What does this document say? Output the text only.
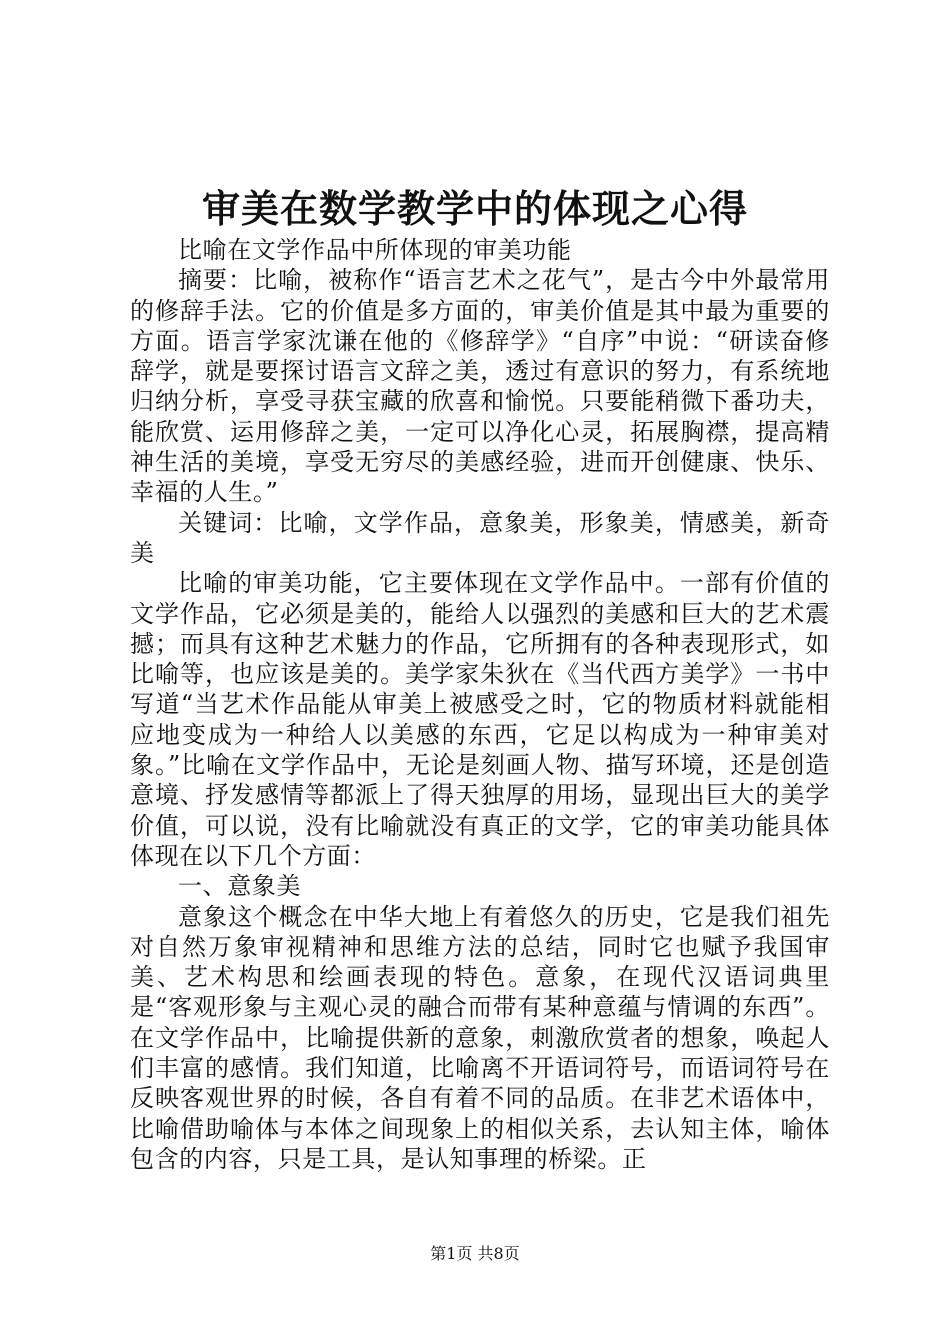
审美在数学教学中的体现之心得

比喻在文学作品中所体现的审美功能

摘要：比喻，被称作“语言艺术之花气”，是古今中外最常用的修辞手法。它的价值是多方面的，审美价值是其中最为重要的方面。语言学家沈谦在他的《修辞学》“自序”中说：“研读奋修辞学，就是要探讨语言文辞之美，透过有意识的努力，有系统地归纳分析，享受寻获宝藏的欣喜和愉悦。只要能稍微下番功夫，能欣赏、运用修辞之美，一定可以净化心灵，拓展胸襟，提高精神生活的美境，享受无穷尽的美感经验，进而开创健康、快乐、幸福的人生。”

关键词：比喻，文学作品，意象美，形象美，情感美，新奇美

比喻的审美功能，它主要体现在文学作品中。一部有价值的文学作品，它必须是美的，能给人以强烈的美感和巨大的艺术震撼；而具有这种艺术魅力的作品，它所拥有的各种表现形式，如比喻等，也应该是美的。美学家朱狄在《当代西方美学》一书中写道“当艺术作品能从审美上被感受之时，它的物质材料就能相应地变成为一种给人以美感的东西，它足以构成为一种审美对象。”比喻在文学作品中，无论是刻画人物、描写环境，还是创造意境、抒发感情等都派上了得天独厚的用场，显现出巨大的美学价值，可以说，没有比喻就没有真正的文学，它的审美功能具体体现在以下几个方面：

一、意象美

意象这个概念在中华大地上有着悠久的历史，它是我们祖先对自然万象审视精神和思维方法的总结，同时它也赋予我国审美、艺术构思和绘画表现的特色。意象，在现代汉语词典里是“客观形象与主观心灵的融合而带有某种意蕴与情调的东西”。在文学作品中，比喻提供新的意象，刺激欣赏者的想象，唤起人们丰富的感情。我们知道，比喻离不开语词符号，而语词符号在反映客观世界的时候，各自有着不同的品质。在非艺术语体中，比喻借助喻体与本体之间现象上的相似关系，去认知主体，喻体包含的内容，只是工具，是认知事理的桥梁。正

第1页 共8页
